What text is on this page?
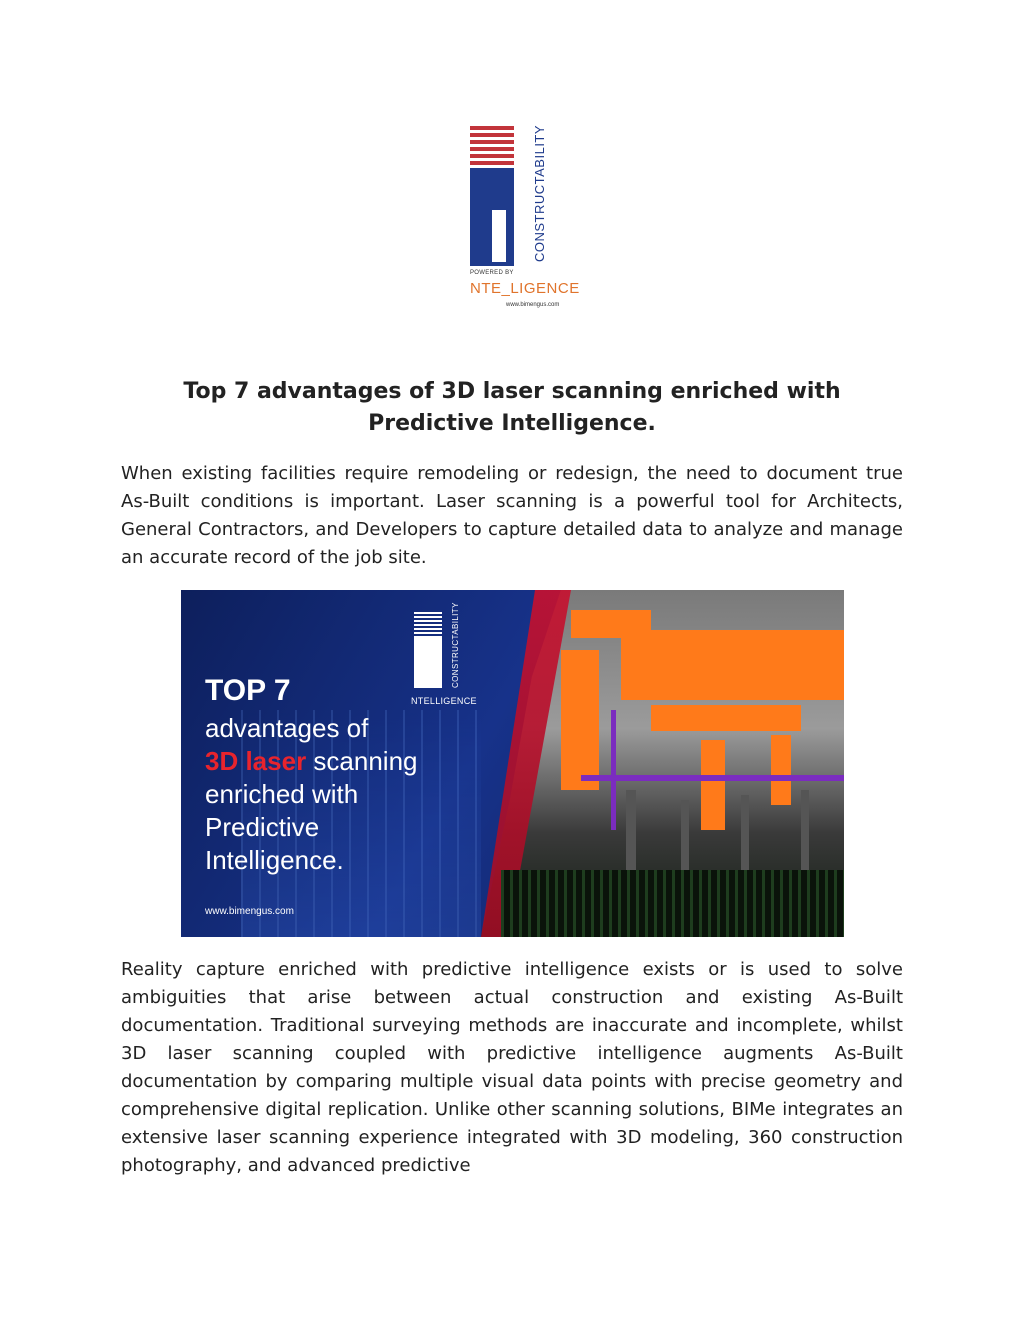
CONSTRUCTABILITY
POWERED BY
NTE_LIGENCE
www.bimengus.com
Top 7 advantages of 3D laser scanning enriched with Predictive Intelligence.

When existing facilities require remodeling or redesign, the need to document true As-Built conditions is important. Laser scanning is a powerful tool for Architects, General Contractors, and Developers to capture detailed data to analyze and manage an accurate record of the job site.

CONSTRUCTABILITY
NTELLIGENCE
TOP 7
advantages of
3D laser scanning
enriched with
Predictive
Intelligence.
www.bimengus.com

Reality capture enriched with predictive intelligence exists or is used to solve ambiguities that arise between actual construction and existing As-Built documentation. Traditional surveying methods are inaccurate and incomplete, whilst 3D laser scanning coupled with predictive intelligence augments As-Built documentation by comparing multiple visual data points with precise geometry and comprehensive digital replication. Unlike other scanning solutions, BIMe integrates an extensive laser scanning experience integrated with 3D modeling, 360 construction photography, and advanced predictive
